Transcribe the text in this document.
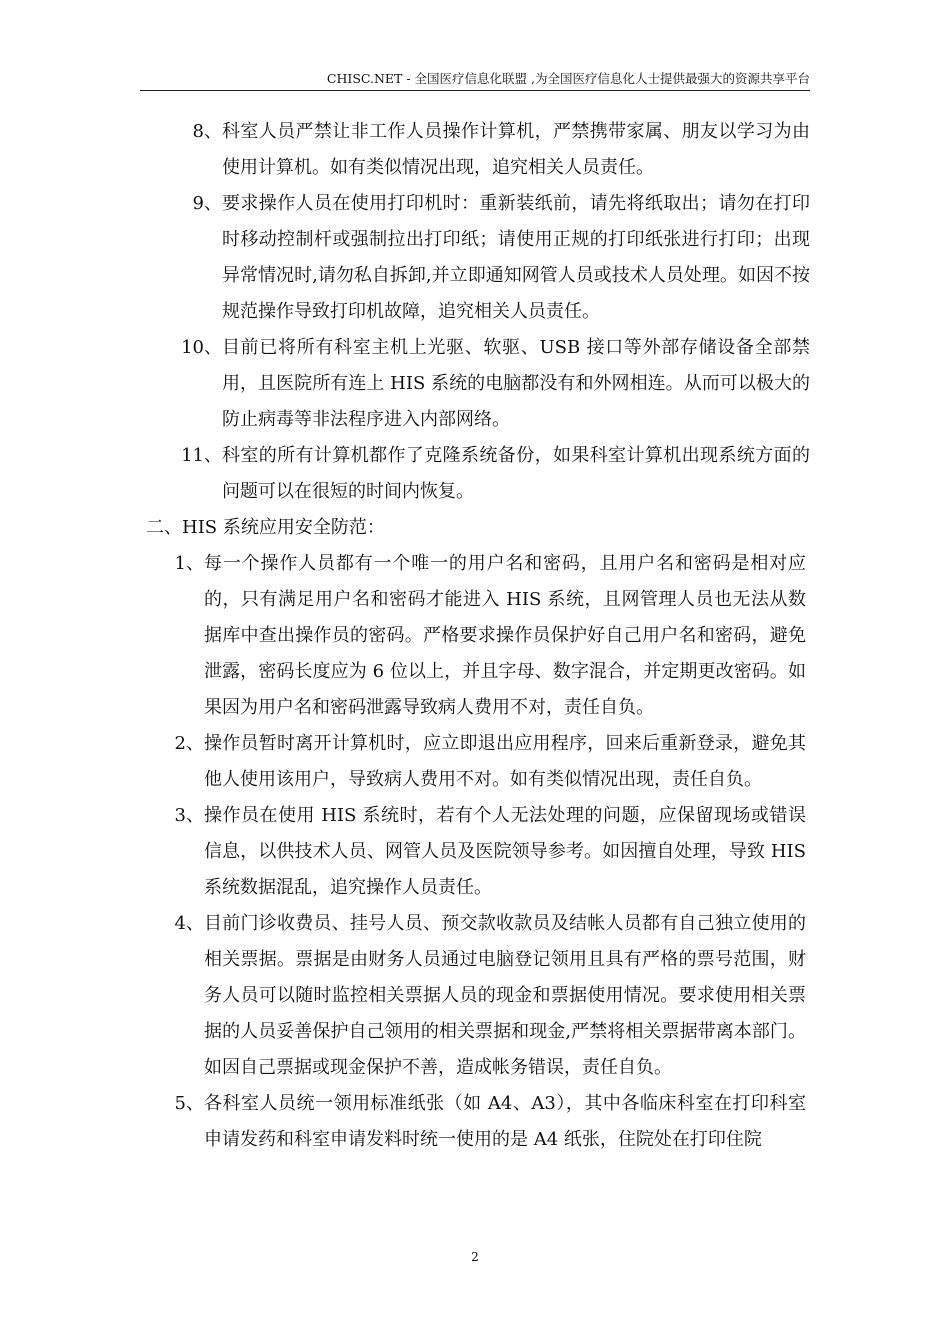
CHISC.NET - 全国医疗信息化联盟 ,为全国医疗信息化人士提供最强大的资源共享平台
8、 科室人员严禁让非工作人员操作计算机，严禁携带家属、朋友以学习为由使用计算机。如有类似情况出现，追究相关人员责任。
9、 要求操作人员在使用打印机时：重新装纸前，请先将纸取出；请勿在打印时移动控制杆或强制拉出打印纸；请使用正规的打印纸张进行打印；出现异常情况时,请勿私自拆卸,并立即通知网管人员或技术人员处理。如因不按规范操作导致打印机故障，追究相关人员责任。
10、 目前已将所有科室主机上光驱、软驱、USB 接口等外部存储设备全部禁用，且医院所有连上 HIS 系统的电脑都没有和外网相连。从而可以极大的防止病毒等非法程序进入内部网络。
11、 科室的所有计算机都作了克隆系统备份，如果科室计算机出现系统方面的问题可以在很短的时间内恢复。
二、HIS 系统应用安全防范：
1、 每一个操作人员都有一个唯一的用户名和密码，且用户名和密码是相对应的，只有满足用户名和密码才能进入 HIS 系统，且网管理人员也无法从数据库中查出操作员的密码。严格要求操作员保护好自己用户名和密码，避免泄露，密码长度应为 6 位以上，并且字母、数字混合，并定期更改密码。如果因为用户名和密码泄露导致病人费用不对，责任自负。
2、 操作员暂时离开计算机时，应立即退出应用程序，回来后重新登录，避免其他人使用该用户，导致病人费用不对。如有类似情况出现，责任自负。
3、 操作员在使用 HIS 系统时，若有个人无法处理的问题，应保留现场或错误信息，以供技术人员、网管人员及医院领导参考。如因擅自处理，导致 HIS 系统数据混乱，追究操作人员责任。
4、 目前门诊收费员、挂号人员、预交款收款员及结帐人员都有自己独立使用的相关票据。票据是由财务人员通过电脑登记领用且具有严格的票号范围，财务人员可以随时监控相关票据人员的现金和票据使用情况。要求使用相关票据的人员妥善保护自己领用的相关票据和现金,严禁将相关票据带离本部门。如因自己票据或现金保护不善，造成帐务错误，责任自负。
5、 各科室人员统一领用标准纸张（如 A4、A3），其中各临床科室在打印科室申请发药和科室申请发料时统一使用的是 A4 纸张，住院处在打印住院
2
